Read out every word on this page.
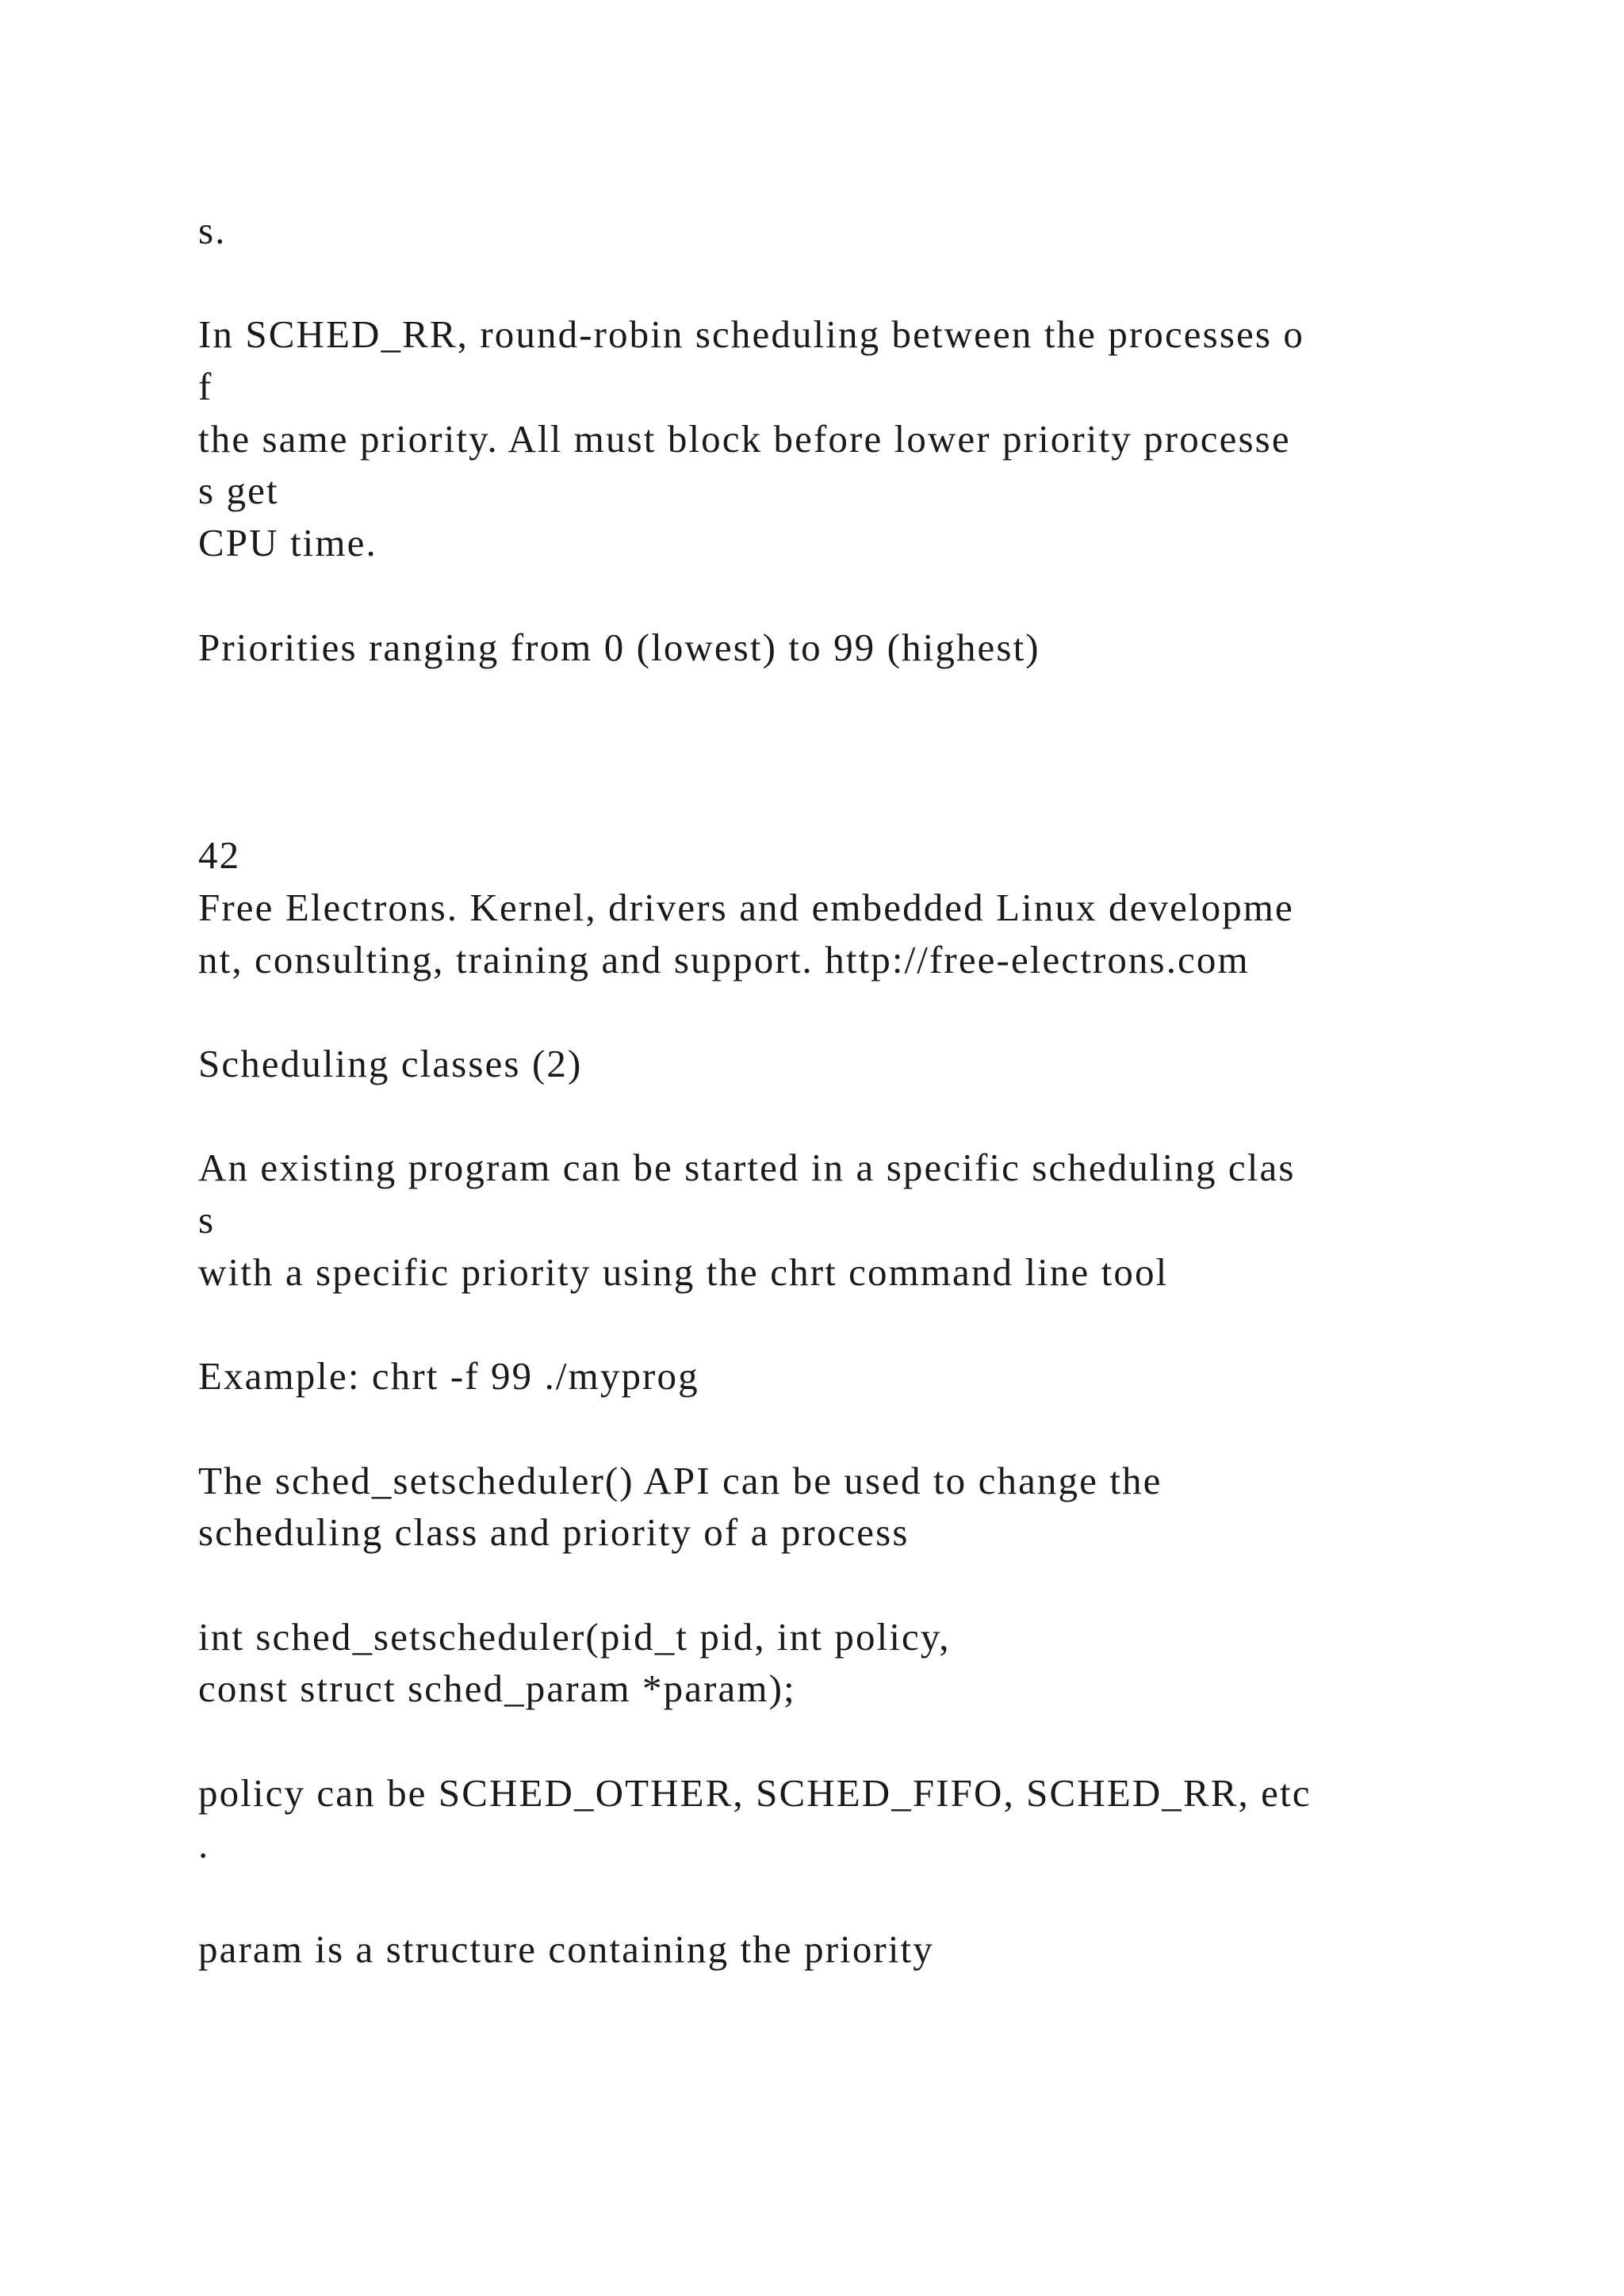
s.
In SCHED_RR, round-robin scheduling between the processes o
f
the same priority. All must block before lower priority processe
s get
CPU time.
Priorities ranging from 0 (lowest) to 99 (highest)
42
Free Electrons. Kernel, drivers and embedded Linux developme
nt, consulting, training and support. http://free-electrons.com
Scheduling classes (2)
An existing program can be started in a specific scheduling clas
s
with a specific priority using the chrt command line tool
Example: chrt -f 99 ./myprog
The sched_setscheduler() API can be used to change the
scheduling class and priority of a process
int sched_setscheduler(pid_t pid, int policy,
const struct sched_param *param);
policy can be SCHED_OTHER, SCHED_FIFO, SCHED_RR, etc
.
param is a structure containing the priority
